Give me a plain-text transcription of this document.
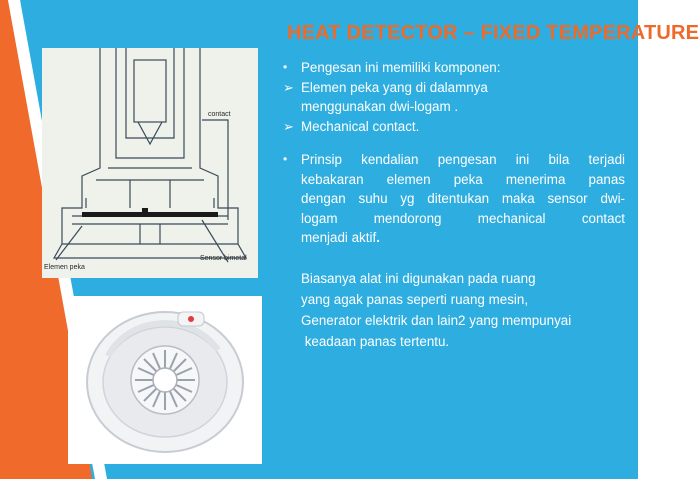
contact
Elemen peka
Sensor bimetal
HEAT DETECTOR – FIXED TEMPERATURE
•	Pengesan ini memiliki komponen:
➢ Elemen peka yang di dalamnya
menggunakan dwi-logam .
➢ Mechanical contact.
•	Prinsip kendalian pengesan ini bila terjadi
kebakaran elemen peka menerima panas
dengan suhu yg ditentukan maka sensor dwi-
logam mendorong mechanical contact
menjadi aktif.
Biasanya alat ini digunakan pada ruang
yang agak panas seperti ruang mesin,
Generator elektrik dan lain2 yang mempunyai
keadaan panas tertentu.
